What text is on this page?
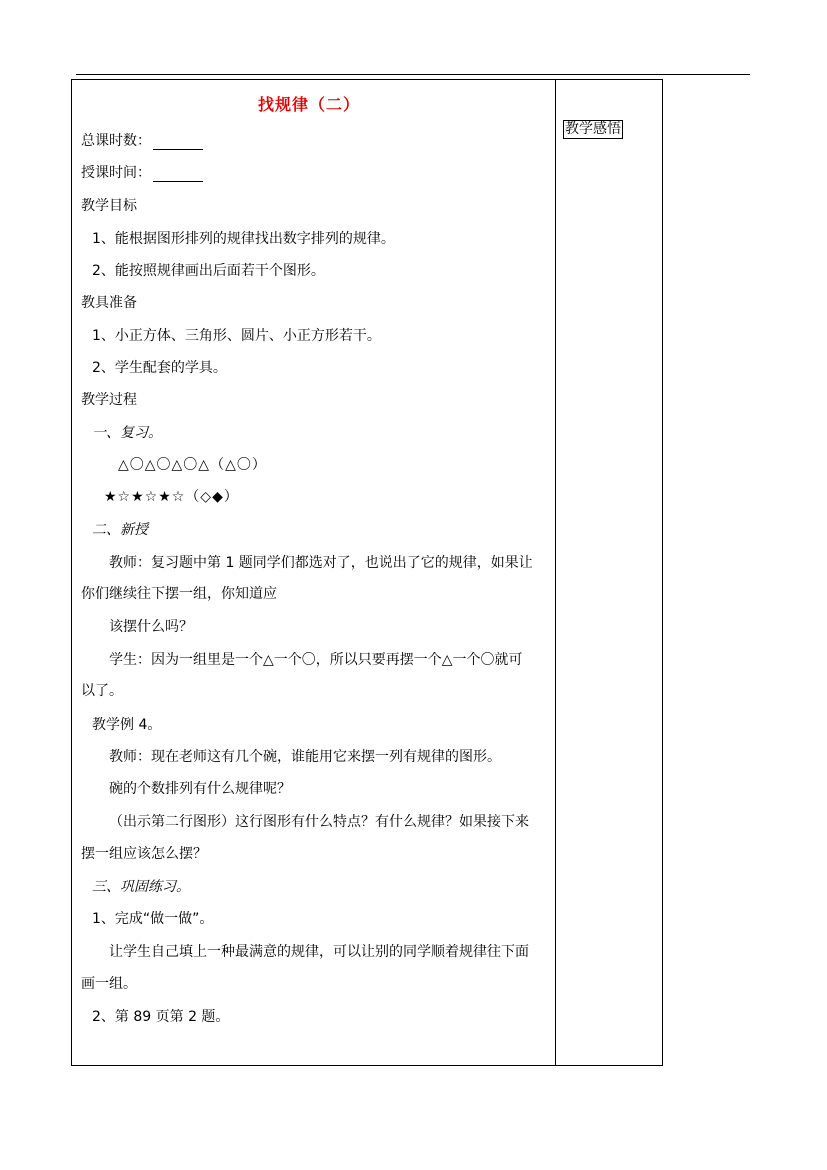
教学感悟
找规律（二）
总课时数：
授课时间：
教学目标
1、能根据图形排列的规律找出数字排列的规律。
2、能按照规律画出后面若干个图形。
教具准备
1、小正方体、三角形、圆片、小正方形若干。
2、学生配套的学具。
教学过程
一、复习。
△〇△〇△〇△（△〇）
★☆★☆★☆（◇◆）
二、新授
教师：复习题中第 1 题同学们都选对了，也说出了它的规律，如果让
你们继续往下摆一组，你知道应
该摆什么吗？
学生：因为一组里是一个△一个〇，所以只要再摆一个△一个〇就可
以了。
教学例 4。
教师：现在老师这有几个碗，谁能用它来摆一列有规律的图形。
碗的个数排列有什么规律呢？
（出示第二行图形）这行图形有什么特点？有什么规律？如果接下来
摆一组应该怎么摆？
三、巩固练习。
1、完成“做一做”。
让学生自己填上一种最满意的规律，可以让别的同学顺着规律往下面
画一组。
2、第 89 页第 2 题。
